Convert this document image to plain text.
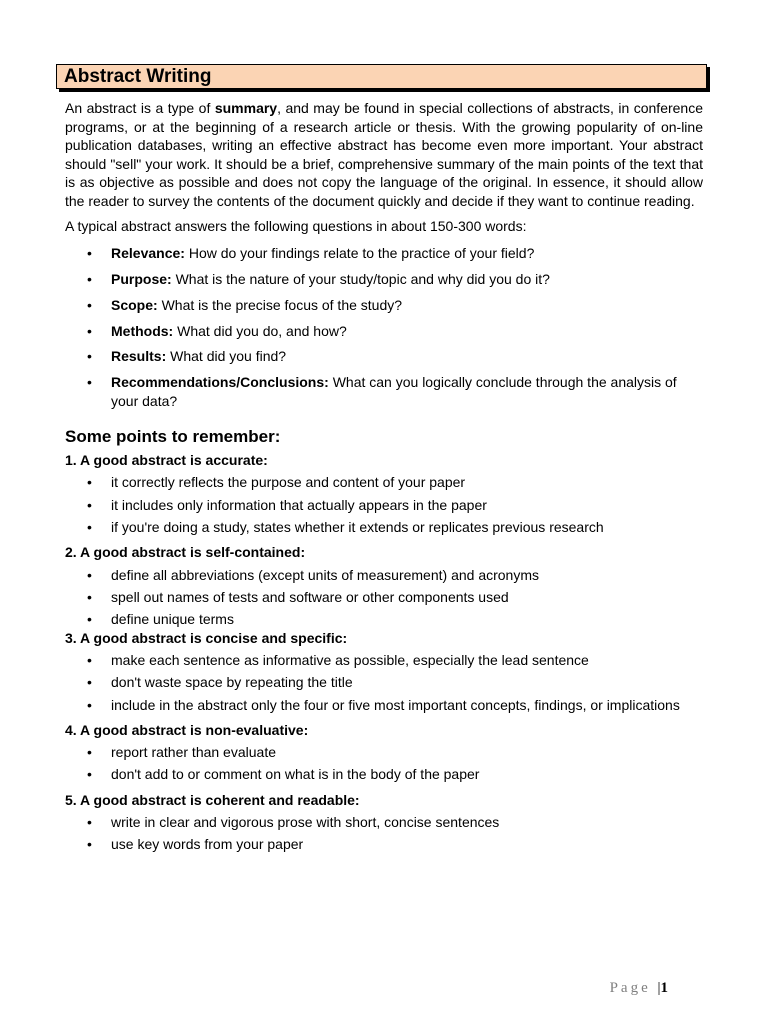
Abstract Writing

An abstract is a type of summary, and may be found in special collections of abstracts, in conference programs, or at the beginning of a research article or thesis. With the growing popularity of on-line publication databases, writing an effective abstract has become even more important. Your abstract should "sell" your work. It should be a brief, comprehensive summary of the main points of the text that is as objective as possible and does not copy the language of the original. In essence, it should allow the reader to survey the contents of the document quickly and decide if they want to continue reading.

A typical abstract answers the following questions in about 150-300 words:

• Relevance: How do your findings relate to the practice of your field?
• Purpose: What is the nature of your study/topic and why did you do it?
• Scope: What is the precise focus of the study?
• Methods: What did you do, and how?
• Results: What did you find?
• Recommendations/Conclusions: What can you logically conclude through the analysis of your data?
Some points to remember:
1. A good abstract is accurate:
• it correctly reflects the purpose and content of your paper
• it includes only information that actually appears in the paper
• if you're doing a study, states whether it extends or replicates previous research
2. A good abstract is self-contained:
• define all abbreviations (except units of measurement) and acronyms
• spell out names of tests and software or other components used
• define unique terms
3. A good abstract is concise and specific:
• make each sentence as informative as possible, especially the lead sentence
• don't waste space by repeating the title
• include in the abstract only the four or five most important concepts, findings, or implications
4. A good abstract is non-evaluative:
• report rather than evaluate
• don't add to or comment on what is in the body of the paper
5. A good abstract is coherent and readable:
• write in clear and vigorous prose with short, concise sentences
• use key words from your paper
Page |1
